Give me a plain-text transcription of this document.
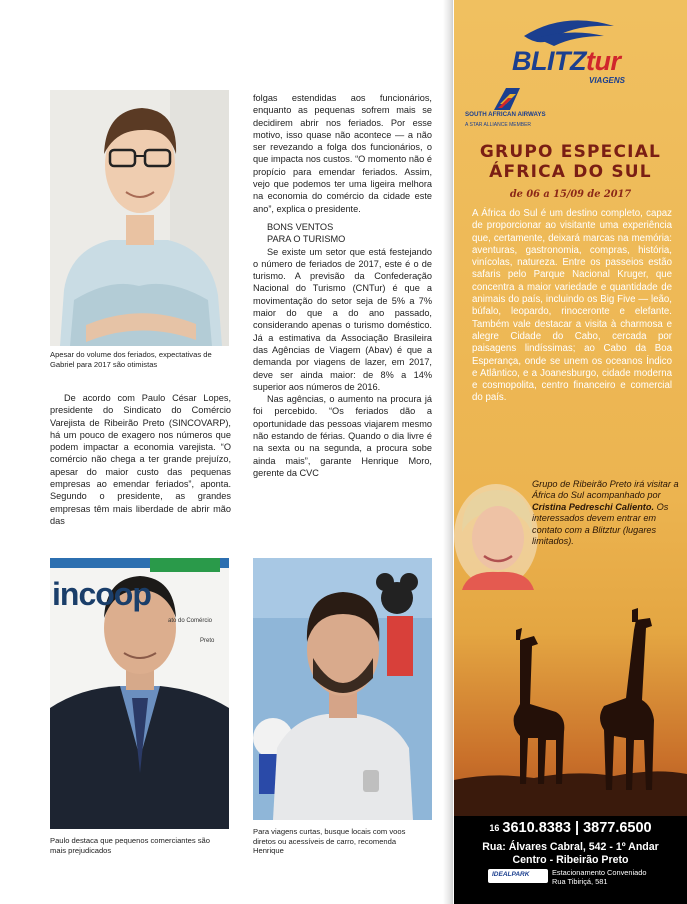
Apesar do volume dos feriados, expectativas de Gabriel para 2017 são otimistas
incoop
ato do Comércio
Preto
Paulo destaca que pequenos comerciantes são mais prejudicados
Para viagens curtas, busque locais com voos diretos ou acessíveis de carro, recomenda Henrique

De acordo com Paulo César Lopes, presidente do Sindicato do Comércio Varejista de Ribeirão Preto (SINCOVARP), há um pouco de exagero nos números que podem impactar a economia varejista. “O comércio não chega a ter grande prejuízo, apesar do maior custo das pequenas empresas ao emendar feriados”, aponta. Segundo o presidente, as grandes empresas têm mais liberdade de abrir mão das

folgas estendidas aos funcionários, enquanto as pequenas sofrem mais se decidirem abrir nos feriados. Por esse motivo, isso quase não acontece — a não ser revezando a folga dos funcionários, o que impacta nos custos. “O momento não é propício para emendar feriados. Assim, vejo que podemos ter uma ligeira melhora na economia do comércio da cidade este ano”, explica o presidente.

BONS VENTOS

PARA O TURISMO

Se existe um setor que está festejando o número de feriados de 2017, este é o de turismo. A previsão da Confederação Nacional do Turismo (CNTur) é que a movimentação do setor seja de 5% a 7% maior do que a do ano passado, considerando apenas o turismo doméstico. Já a estimativa da Associação Brasileira das Agências de Viagem (Abav) é que a demanda por viagens de lazer, em 2017, deve ser ainda maior: de 8% a 14% superior aos números de 2016.

Nas agências, o aumento na procura já foi percebido. “Os feriados dão a oportunidade das pessoas viajarem mesmo não estando de férias. Quando o dia livre é na sexta ou na segunda, a procura sobe ainda mais”, garante Henrique Moro, gerente da CVC

BLITZtur
VIAGENS
SOUTH AFRICAN AIRWAYS
A STAR ALLIANCE MEMBER
GRUPO ESPECIAL
ÁFRICA DO SUL
de 06 a 15/09 de 2017
A África do Sul é um destino completo, capaz de proporcionar ao visitante uma experiência que, certamente, deixará marcas na memória: aventuras, gastronomia, compras, história, vinícolas, natureza. Entre os passeios estão safaris pelo Parque Nacional Kruger, que concentra a maior variedade e quantidade de animais do país, incluindo os Big Five — leão, búfalo, leopardo, rinoceronte e elefante. Também vale destacar a visita à charmosa e alegre Cidade do Cabo, cercada por paisagens lindíssimas; ao Cabo da Boa Esperança, onde se unem os oceanos Índico e Atlântico, e a Joanesburgo, cidade moderna e cosmopolita, centro financeiro e comercial do país.
Grupo de Ribeirão Preto irá visitar a África do Sul acompanhado por Cristina Pedreschi Caliento. Os interessados devem entrar em contato com a Blitztur (lugares limitados).
16 3610.8383 | 3877.6500
Rua: Álvares Cabral, 542 - 1º Andar
Centro - Ribeirão Preto
IDEALPARK	Estacionamento Conveniado
Rua Tibiriçá, 581
